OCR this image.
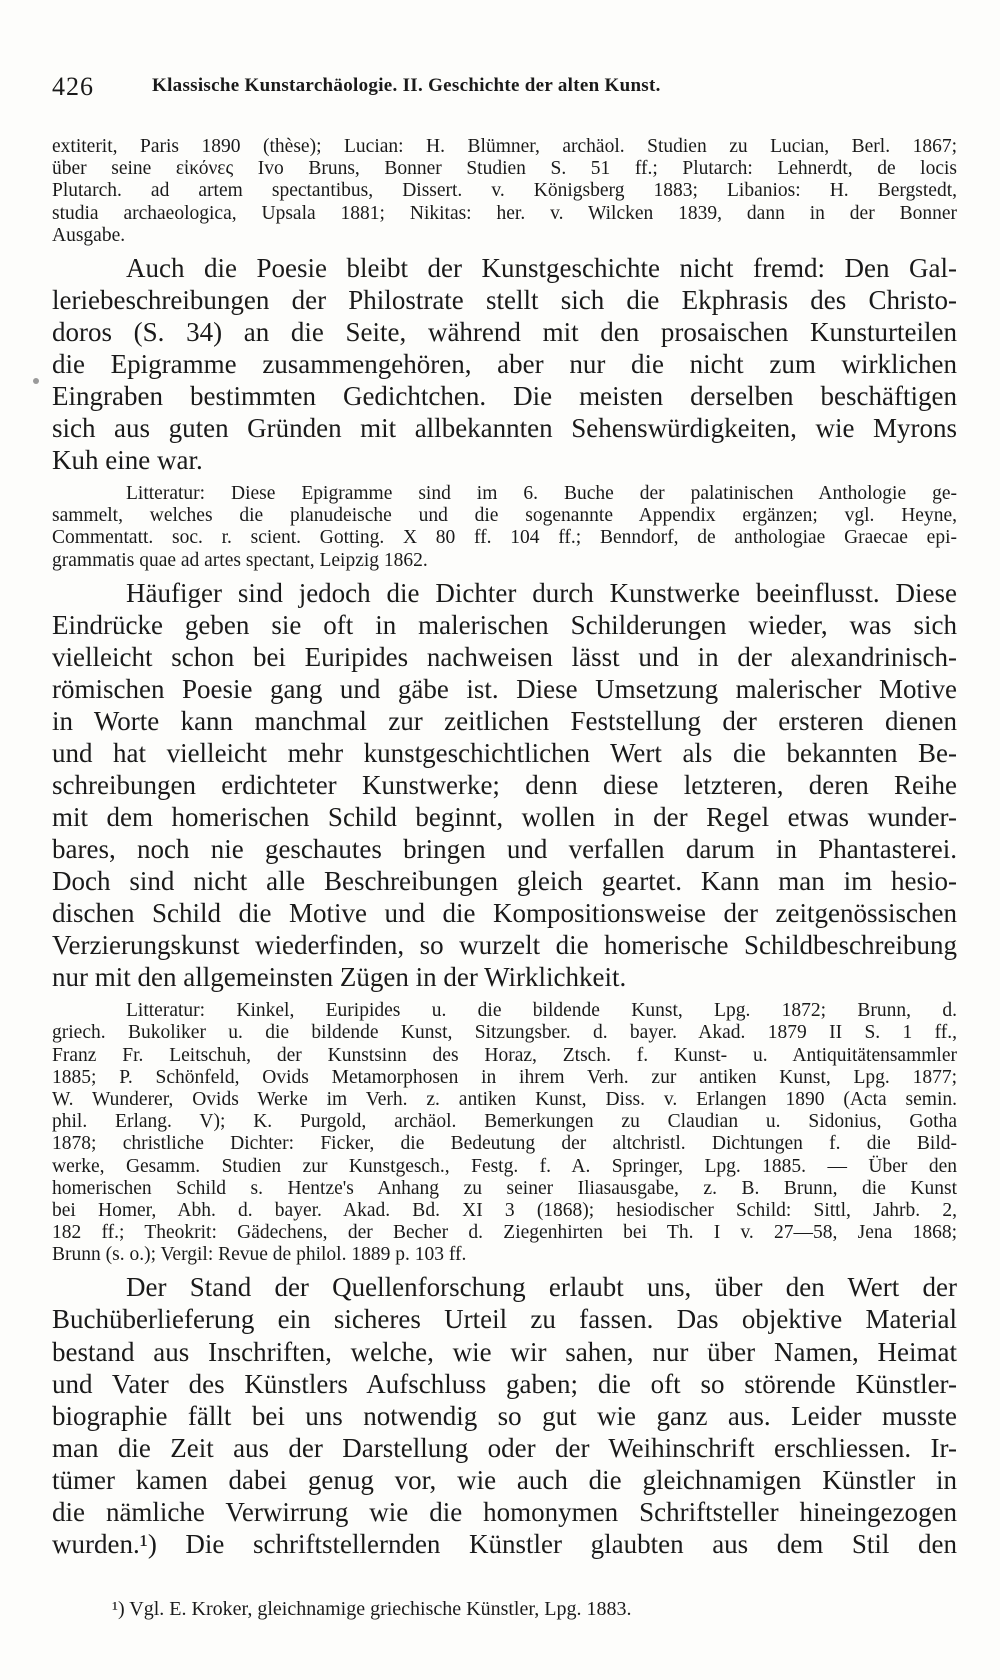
426	Klassische Kunstarchäologie. II. Geschichte der alten Kunst.
extiterit, Paris 1890 (thèse); Lucian: H. Blümner, archäol. Studien zu Lucian, Berl. 1867;
über seine εἰκόνες Ivo Bruns, Bonner Studien S. 51 ff.; Plutarch: Lehnerdt, de locis
Plutarch. ad artem spectantibus, Dissert. v. Königsberg 1883; Libanios: H. Bergstedt,
studia archaeologica, Upsala 1881; Nikitas: her. v. Wilcken 1839, dann in der Bonner
Ausgabe.
Auch die Poesie bleibt der Kunstgeschichte nicht fremd: Den Gal-
leriebeschreibungen der Philostrate stellt sich die Ekphrasis des Christo-
doros (S. 34) an die Seite, während mit den prosaischen Kunsturteilen
die Epigramme zusammengehören, aber nur die nicht zum wirklichen
Eingraben bestimmten Gedichtchen. Die meisten derselben beschäftigen
sich aus guten Gründen mit allbekannten Sehenswürdigkeiten, wie Myrons
Kuh eine war.
Litteratur: Diese Epigramme sind im 6. Buche der palatinischen Anthologie ge-
sammelt, welches die planudeische und die sogenannte Appendix ergänzen; vgl. Heyne,
Commentatt. soc. r. scient. Gotting. X 80 ff. 104 ff.; Benndorf, de anthologiae Graecae epi-
grammatis quae ad artes spectant, Leipzig 1862.
Häufiger sind jedoch die Dichter durch Kunstwerke beeinflusst. Diese
Eindrücke geben sie oft in malerischen Schilderungen wieder, was sich
vielleicht schon bei Euripides nachweisen lässt und in der alexandrinisch-
römischen Poesie gang und gäbe ist. Diese Umsetzung malerischer Motive
in Worte kann manchmal zur zeitlichen Feststellung der ersteren dienen
und hat vielleicht mehr kunstgeschichtlichen Wert als die bekannten Be-
schreibungen erdichteter Kunstwerke; denn diese letzteren, deren Reihe
mit dem homerischen Schild beginnt, wollen in der Regel etwas wunder-
bares, noch nie geschautes bringen und verfallen darum in Phantasterei.
Doch sind nicht alle Beschreibungen gleich geartet. Kann man im hesio-
dischen Schild die Motive und die Kompositionsweise der zeitgenössischen
Verzierungskunst wiederfinden, so wurzelt die homerische Schildbeschreibung
nur mit den allgemeinsten Zügen in der Wirklichkeit.
Litteratur: Kinkel, Euripides u. die bildende Kunst, Lpg. 1872; Brunn, d.
griech. Bukoliker u. die bildende Kunst, Sitzungsber. d. bayer. Akad. 1879 II S. 1 ff.,
Franz Fr. Leitschuh, der Kunstsinn des Horaz, Ztsch. f. Kunst- u. Antiquitätensammler
1885; P. Schönfeld, Ovids Metamorphosen in ihrem Verh. zur antiken Kunst, Lpg. 1877;
W. Wunderer, Ovids Werke im Verh. z. antiken Kunst, Diss. v. Erlangen 1890 (Acta semin.
phil. Erlang. V); K. Purgold, archäol. Bemerkungen zu Claudian u. Sidonius, Gotha
1878; christliche Dichter: Ficker, die Bedeutung der altchristl. Dichtungen f. die Bild-
werke, Gesamm. Studien zur Kunstgesch., Festg. f. A. Springer, Lpg. 1885. — Über den
homerischen Schild s. Hentze's Anhang zu seiner Iliasausgabe, z. B. Brunn, die Kunst
bei Homer, Abh. d. bayer. Akad. Bd. XI 3 (1868); hesiodischer Schild: Sittl, Jahrb. 2,
182 ff.; Theokrit: Gädechens, der Becher d. Ziegenhirten bei Th. I v. 27—58, Jena 1868;
Brunn (s. o.); Vergil: Revue de philol. 1889 p. 103 ff.
Der Stand der Quellenforschung erlaubt uns, über den Wert der
Buchüberlieferung ein sicheres Urteil zu fassen. Das objektive Material
bestand aus Inschriften, welche, wie wir sahen, nur über Namen, Heimat
und Vater des Künstlers Aufschluss gaben; die oft so störende Künstler-
biographie fällt bei uns notwendig so gut wie ganz aus. Leider musste
man die Zeit aus der Darstellung oder der Weihinschrift erschliessen. Ir-
tümer kamen dabei genug vor, wie auch die gleichnamigen Künstler in
die nämliche Verwirrung wie die homonymen Schriftsteller hineingezogen
wurden.¹) Die schriftstellernden Künstler glaubten aus dem Stil den
¹) Vgl. E. Kroker, gleichnamige griechische Künstler, Lpg. 1883.
